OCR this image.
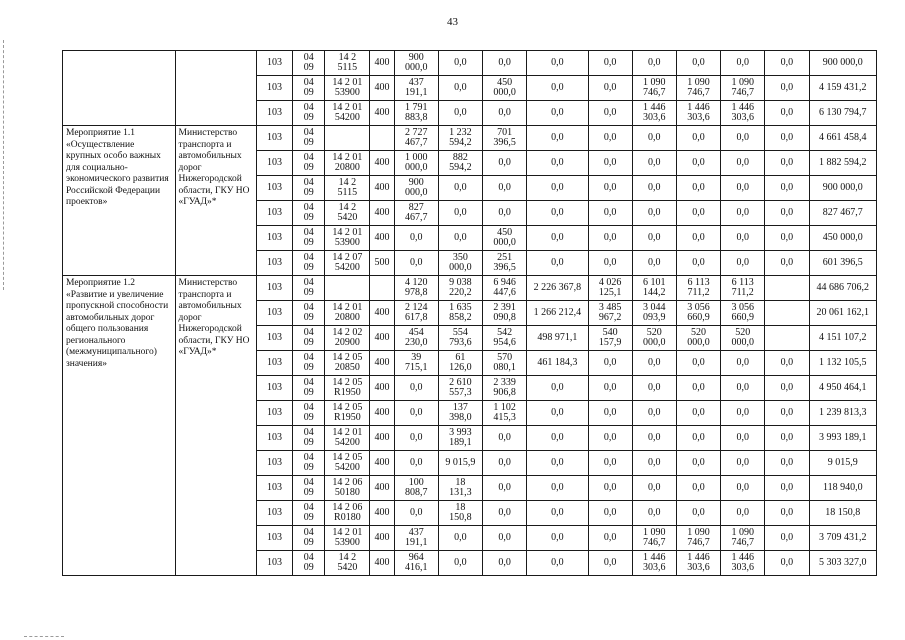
43
		103	04
09	14 2
5115	400	900
000,0	0,0	0,0	0,0	0,0	0,0	0,0	0,0	0,0	900 000,0
		103	04
09	14 2 01
53900	400	437
191,1	0,0	450
000,0	0,0	0,0	1 090
746,7	1 090
746,7	1 090
746,7	0,0	4 159 431,2
		103	04
09	14 2 01
54200	400	1 791
883,8	0,0	0,0	0,0	0,0	1 446
303,6	1 446
303,6	1 446
303,6	0,0	6 130 794,7
Мероприятие 1.1 «Осуществление крупных особо важных для социально-экономического развития Российской Федерации проектов»	Министерство транспорта и автомобильных дорог Нижегородской области, ГКУ НО «ГУАД»*	103	04
09			2 727
467,7	1 232
594,2	701
396,5	0,0	0,0	0,0	0,0	0,0	0,0	4 661 458,4
		103	04
09	14 2 01
20800	400	1 000
000,0	882
594,2	0,0	0,0	0,0	0,0	0,0	0,0	0,0	1 882 594,2
		103	04
09	14 2
5115	400	900
000,0	0,0	0,0	0,0	0,0	0,0	0,0	0,0	0,0	900 000,0
		103	04
09	14 2
5420	400	827
467,7	0,0	0,0	0,0	0,0	0,0	0,0	0,0	0,0	827 467,7
		103	04
09	14 2 01
53900	400	0,0	0,0	450
000,0	0,0	0,0	0,0	0,0	0,0	0,0	450 000,0
		103	04
09	14 2 07
54200	500	0,0	350
000,0	251
396,5	0,0	0,0	0,0	0,0	0,0	0,0	601 396,5
Мероприятие 1.2 «Развитие и увеличение пропускной способности автомобильных дорог общего пользования регионального (межмуниципального) значения»	Министерство транспорта и автомобильных дорог Нижегородской области, ГКУ НО «ГУАД»*	103	04
09			4 120
978,8	9 038
220,2	6 946
447,6	2 226 367,8	4 026
125,1	6 101
144,2	6 113
711,2	6 113
711,2		44 686 706,2
		103	04
09	14 2 01
20800	400	2 124
617,8	1 635
858,2	2 391
090,8	1 266 212,4	3 485
967,2	3 044
093,9	3 056
660,9	3 056
660,9		20 061 162,1
		103	04
09	14 2 02
20900	400	454
230,0	554
793,6	542
954,6	498 971,1	540
157,9	520
000,0	520
000,0	520
000,0		4 151 107,2
		103	04
09	14 2 05
20850	400	39
715,1	61
126,0	570
080,1	461 184,3	0,0	0,0	0,0	0,0	0,0	1 132 105,5
		103	04
09	14 2 05
R1950	400	0,0	2 610
557,3	2 339
906,8	0,0	0,0	0,0	0,0	0,0	0,0	4 950 464,1
		103	04
09	14 2 05
R1950	400	0,0	137
398,0	1 102
415,3	0,0	0,0	0,0	0,0	0,0	0,0	1 239 813,3
		103	04
09	14 2 01
54200	400	0,0	3 993
189,1	0,0	0,0	0,0	0,0	0,0	0,0	0,0	3 993 189,1
		103	04
09	14 2 05
54200	400	0,0	9 015,9	0,0	0,0	0,0	0,0	0,0	0,0	0,0	9 015,9
		103	04
09	14 2 06
50180	400	100
808,7	18
131,3	0,0	0,0	0,0	0,0	0,0	0,0	0,0	118 940,0
		103	04
09	14 2 06
R0180	400	0,0	18
150,8	0,0	0,0	0,0	0,0	0,0	0,0	0,0	18 150,8
		103	04
09	14 2 01
53900	400	437
191,1	0,0	0,0	0,0	0,0	1 090
746,7	1 090
746,7	1 090
746,7	0,0	3 709 431,2
		103	04
09	14 2
5420	400	964
416,1	0,0	0,0	0,0	0,0	1 446
303,6	1 446
303,6	1 446
303,6	0,0	5 303 327,0
